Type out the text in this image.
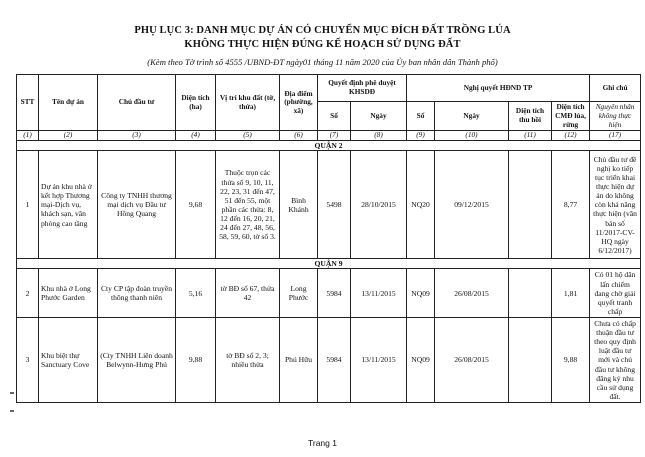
PHỤ LỤC 3: DANH MỤC DỰ ÁN CÓ CHUYỂN MỤC ĐÍCH ĐẤT TRỒNG LÚA
KHÔNG THỰC HIỆN ĐÚNG KẾ HOẠCH SỬ DỤNG ĐẤT
(Kèm theo Tờ trình số 4555 /UBND-ĐT ngày01 tháng 11 năm 2020 của Ủy ban nhân dân Thành phố)
STT	Tên dự án	Chủ đầu tư	Diện tích (ha)	Vị trí khu đất (tờ, thửa)	Địa điểm (phường, xã)	Quyết định phê duyệt KHSDĐ		Nghị quyết HĐND TP				Ghi chú
						Số	Ngày	Số	Ngày	Diện tích thu hồi	Diện tích CMĐ lúa, rừng	Nguyên nhân không thực hiện
(1)	(2)	(3)	(4)	(5)	(6)	(7)	(8)	(9)	(10)	(11)	(12)	(17)
QUẬN 2												
1	Dự án khu nhà ở kết hợp Thương mại-Dịch vụ, khách sạn, văn phòng cao tầng	Công ty TNHH thương mại dịch vụ Đầu tư Hồng Quang	9,68	Thuộc trọn các thửa số 9, 10, 11, 22, 23, 31 đến 47, 51 đến 55, một phần các thửa: 8, 12 đến 16, 20, 21, 24 đến 27, 48, 56, 58, 59, 60, tờ số 3.	Bình Khánh	5498	28/10/2015	NQ20	09/12/2015		8,77	Chủ đầu tư đề nghị ko tiếp tục triển khai thực hiện dự án do không còn khả năng thực hiện (văn bản số 11/2017-CV-HQ ngày 6/12/2017)
QUẬN 9												
2	Khu nhà ở Long Phước Garden	Cty CP tập đoàn truyền thông thanh niên	5,16	tờ BĐ số 67, thửa 42	Long Phước	5984	13/11/2015	NQ09	26/08/2015		1,81	Có 01 hộ dân lấn chiếm đang chờ giải quyết tranh chấp
3	Khu biệt thự Sanctuary Cove	(Cty TNHH Liên doanh Belwynn-Hưng Phú	9,88	tờ BĐ số 2, 3; nhiều thửa	Phú Hữu	5984	13/11/2015	NQ09	26/08/2015		9,88	Chưa có chấp thuận đầu tư theo quy định luật đầu tư mới và chủ đầu tư không đăng ký nhu cầu sử dụng đất.
Trang 1
